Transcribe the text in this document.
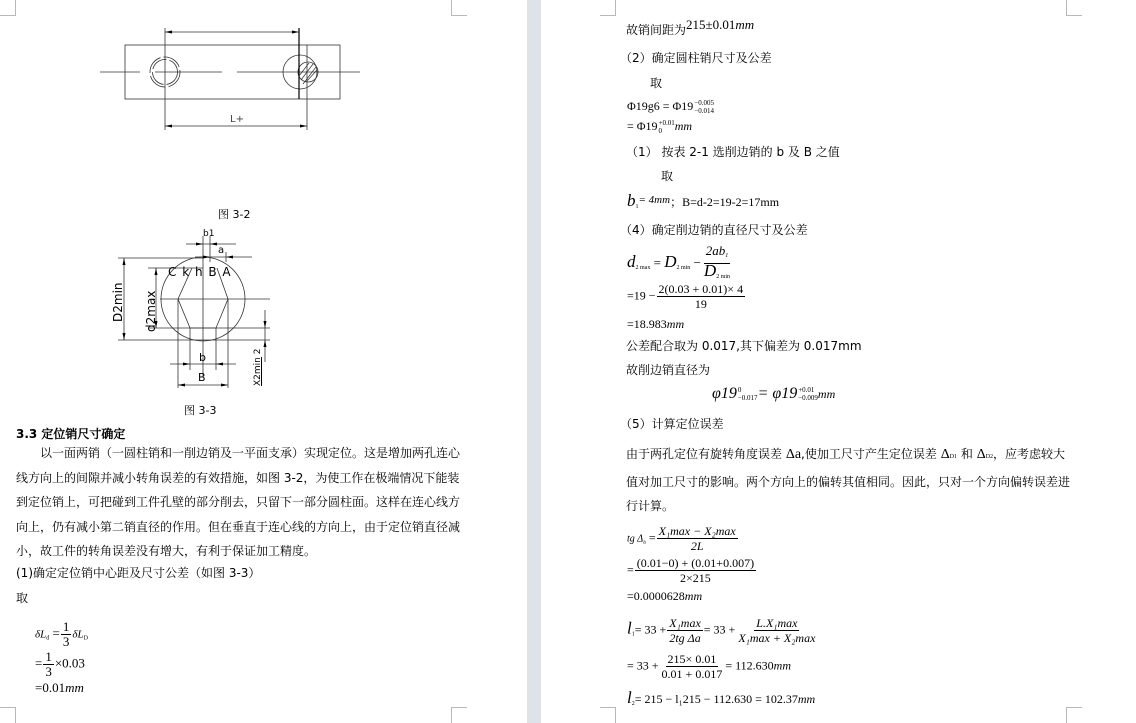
L+
图 3-2
b1
a
D2min d2max
C k h B A
b
B	X2min 2
图 3-3
3.3 定位销尺寸确定
以一面两销（一圆柱销和一削边销及一平面支承）实现定位。这是增加两孔连心线方向上的间隙并减小转角误差的有效措施，如图 3-2，为使工作在极端情况下能装到定位销上，可把碰到工件孔壁的部分削去，只留下一部分圆柱面。这样在连心线方向上，仍有减小第二销直径的作用。但在垂直于连心线的方向上，由于定位销直径减小，故工件的转角误差没有增大，有利于保证加工精度。
(1)确定定位销中心距及尺寸公差（如图 3-3）
取
$\delta L_d = \frac{1}{3} \delta L_D$
= $\frac{1}{3} \times 0.03$
=0.01mm
故销间距为215±0.01mm
（2）确定圆柱销尺寸及公差
取
Φ19g6 = Φ19 −0.005
−0.014
= Φ19 +0.01
0	mm
（1） 按表 2-1 选削边销的 b 及 B 之值
取
$b_1^{= 4mm}$；B=d-2=19-2=17mm
（4）确定削边销的直径尺寸及公差
$d_{2 max} = D_{2 min} - \frac{2ab_1}{D_{2 min}}$
$=19 - \frac{2(0.03 + 0.01)\times 4}{19}$
=18.983mm
公差配合取为 0.017,其下偏差为 0.017mm
故削边销直径为
φ19 0
−0.017 = φ19 +0.01
−0.009 mm
（5）计算定位误差
由于两孔定位有旋转角度误差 Δa,使加工尺寸产生定位误差 ΔD1 和 ΔD2，应考虑较大值对加工尺寸的影响。两个方向上的偏转其值相同。因此，只对一个方向偏转误差进行计算。
tg $\Delta_a = \frac{\text{X₁max − X₂max}}{2L}$
= $\frac{(0.01-0) + (0.01+0.007)}{2\times 215}$
=0.0000628mm
$l_1= 33 + \frac{\text{X₁max}}{\text{2tg Δa}} = 33 + \frac{\text{L.X₁max}}{\text{X₁max + X₂max}}$
= $33 + \frac{215\times 0.01}{0.01 + 0.017} = 112.630mm$
$l_2= 215 - l_1215 - 112.630 = 102.37mm$
